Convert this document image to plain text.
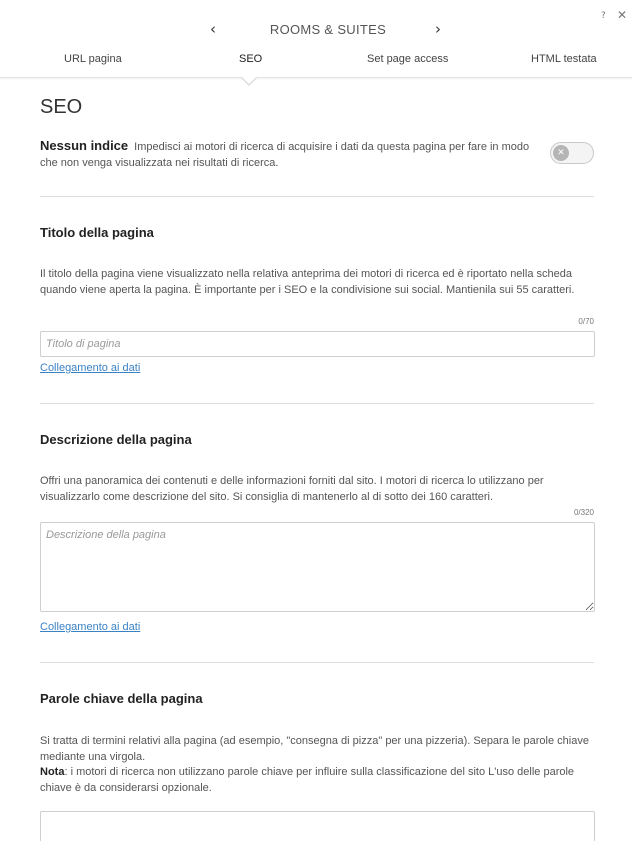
? ✕
‹	ROOMS & SUITES	›
URL pagina	SEO	Set page access	HTML testata
SEO
Nessun indice Impedisci ai motori di ricerca di acquisire i dati da questa pagina per fare in modo che non venga visualizzata nei risultati di ricerca.
✕
Titolo della pagina
Il titolo della pagina viene visualizzato nella relativa anteprima dei motori di ricerca ed è riportato nella scheda quando viene aperta la pagina. È importante per i SEO e la condivisione sui social. Mantienila sui 55 caratteri.
0/70
Titolo di pagina
Collegamento ai dati
Descrizione della pagina
Offri una panoramica dei contenuti e delle informazioni forniti dal sito. I motori di ricerca lo utilizzano per visualizzarlo come descrizione del sito. Si consiglia di mantenerlo al di sotto dei 160 caratteri.
0/320
Descrizione della pagina
Collegamento ai dati
Parole chiave della pagina
Si tratta di termini relativi alla pagina (ad esempio, "consegna di pizza" per una pizzeria). Separa le parole chiave mediante una virgola.
Nota: i motori di ricerca non utilizzano parole chiave per influire sulla classificazione del sito L'uso delle parole chiave è da considerarsi opzionale.
